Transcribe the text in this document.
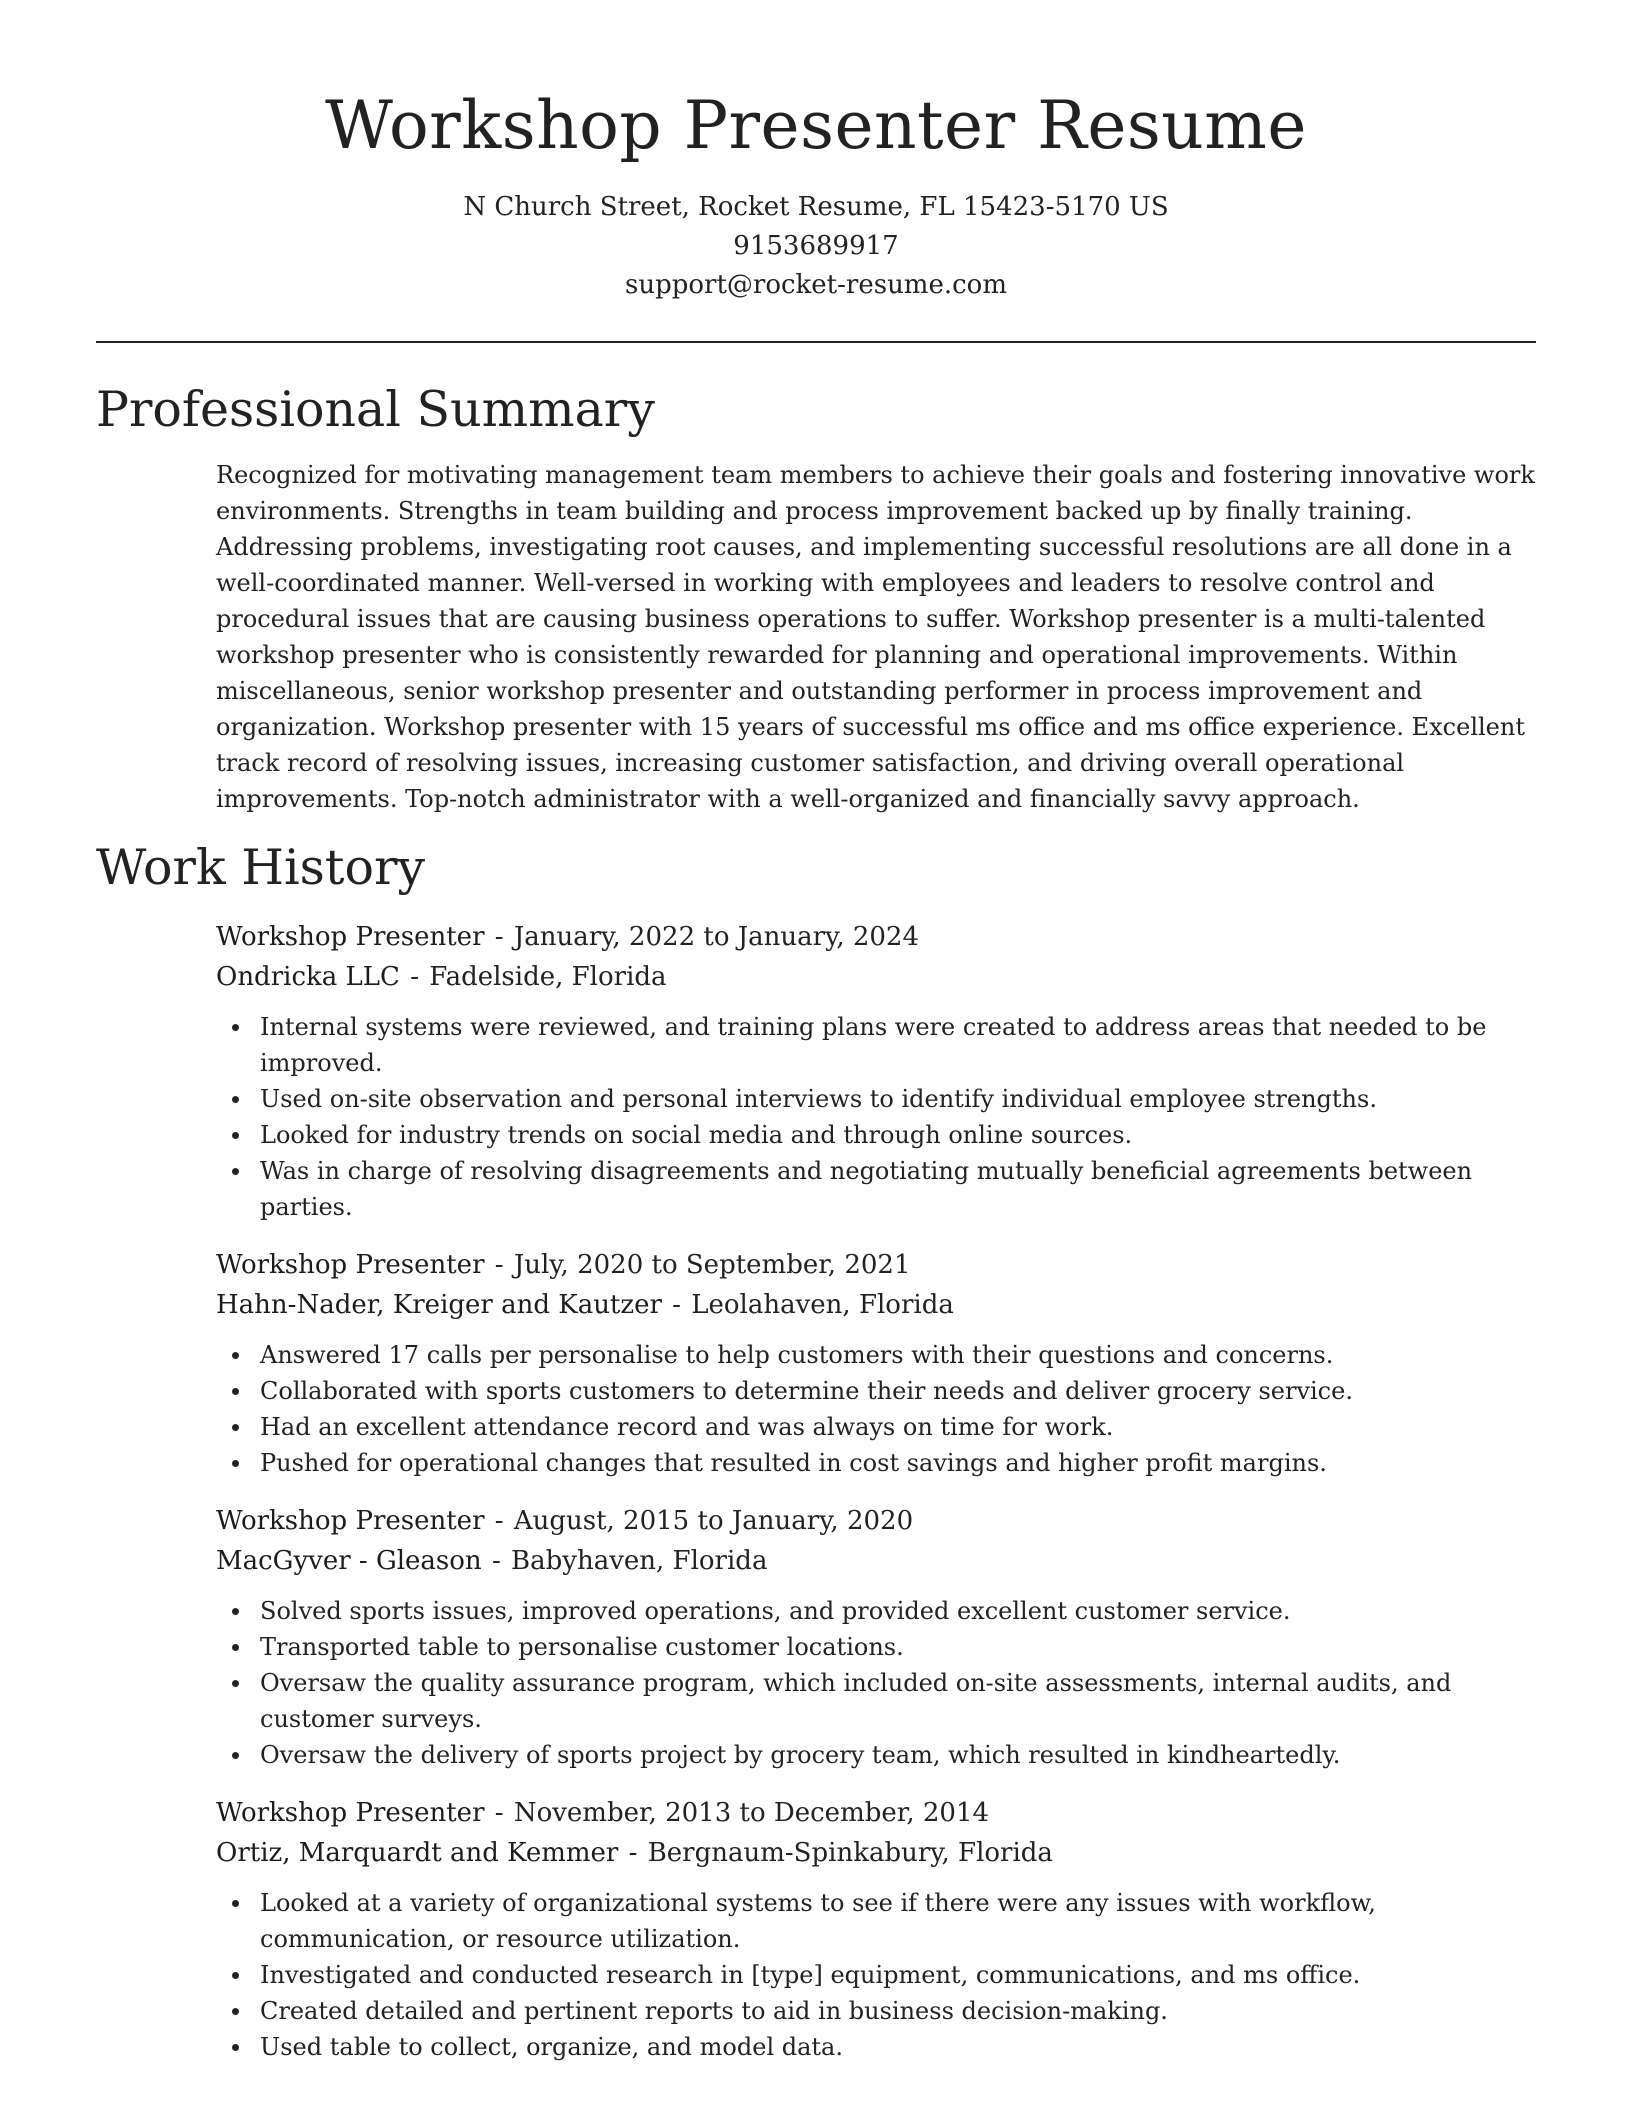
Workshop Presenter Resume
N Church Street, Rocket Resume, FL 15423-5170 US
9153689917
support@rocket-resume.com
Professional Summary
Recognized for motivating management team members to achieve their goals and fostering innovative work environments. Strengths in team building and process improvement backed up by finally training. Addressing problems, investigating root causes, and implementing successful resolutions are all done in a well-coordinated manner. Well-versed in working with employees and leaders to resolve control and procedural issues that are causing business operations to suffer. Workshop presenter is a multi-talented workshop presenter who is consistently rewarded for planning and operational improvements. Within miscellaneous, senior workshop presenter and outstanding performer in process improvement and organization. Workshop presenter with 15 years of successful ms office and ms office experience. Excellent track record of resolving issues, increasing customer satisfaction, and driving overall operational improvements. Top-notch administrator with a well-organized and financially savvy approach.
Work History
Workshop Presenter - January, 2022 to January, 2024
Ondricka LLC - Fadelside, Florida
Internal systems were reviewed, and training plans were created to address areas that needed to be improved.
Used on-site observation and personal interviews to identify individual employee strengths.
Looked for industry trends on social media and through online sources.
Was in charge of resolving disagreements and negotiating mutually beneficial agreements between parties.
Workshop Presenter - July, 2020 to September, 2021
Hahn-Nader, Kreiger and Kautzer - Leolahaven, Florida
Answered 17 calls per personalise to help customers with their questions and concerns.
Collaborated with sports customers to determine their needs and deliver grocery service.
Had an excellent attendance record and was always on time for work.
Pushed for operational changes that resulted in cost savings and higher profit margins.
Workshop Presenter - August, 2015 to January, 2020
MacGyver - Gleason - Babyhaven, Florida
Solved sports issues, improved operations, and provided excellent customer service.
Transported table to personalise customer locations.
Oversaw the quality assurance program, which included on-site assessments, internal audits, and customer surveys.
Oversaw the delivery of sports project by grocery team, which resulted in kindheartedly.
Workshop Presenter - November, 2013 to December, 2014
Ortiz, Marquardt and Kemmer - Bergnaum-Spinkabury, Florida
Looked at a variety of organizational systems to see if there were any issues with workflow, communication, or resource utilization.
Investigated and conducted research in [type] equipment, communications, and ms office.
Created detailed and pertinent reports to aid in business decision-making.
Used table to collect, organize, and model data.
